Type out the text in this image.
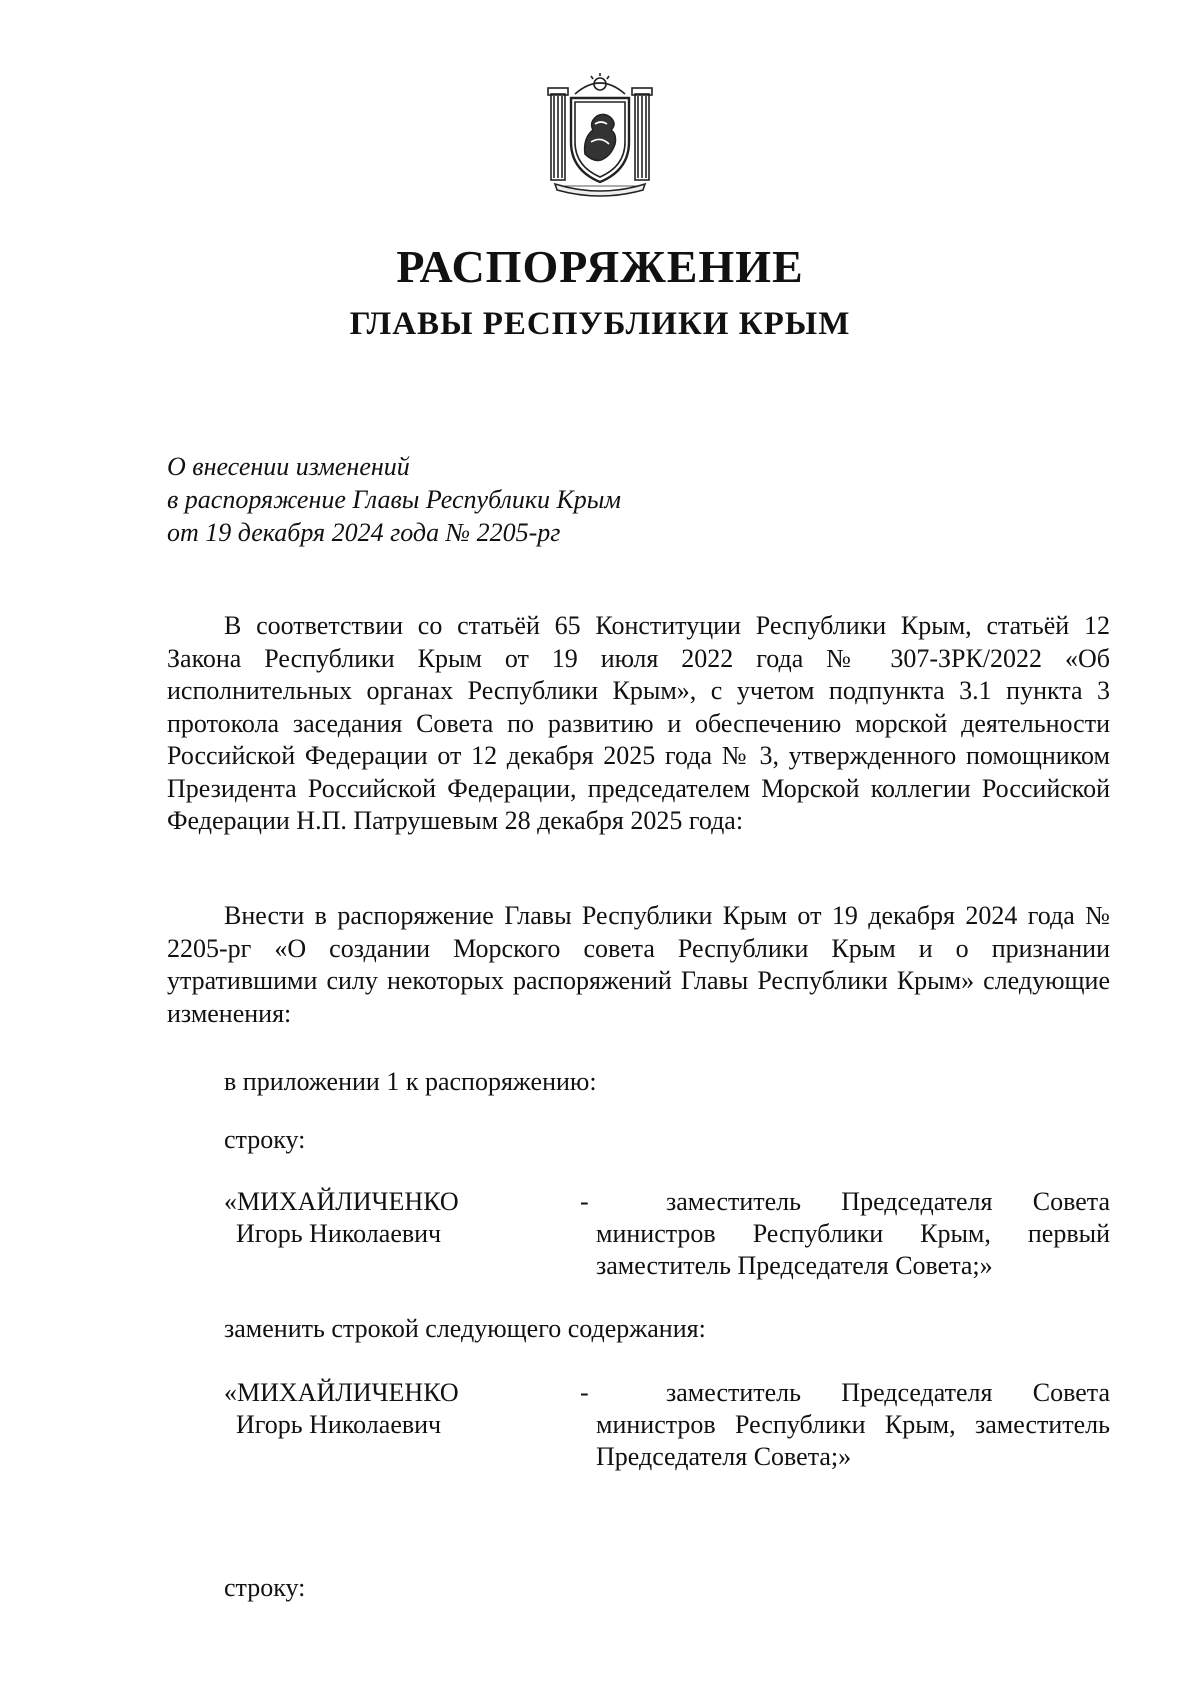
РАСПОРЯЖЕНИЕ
ГЛАВЫ РЕСПУБЛИКИ КРЫМ
О внесении изменений
в распоряжение Главы Республики Крым
от 19 декабря 2024 года № 2205-рг

В соответствии со статьёй 65 Конституции Республики Крым, статьёй 12 Закона Республики Крым от 19 июля 2022 года № 307-ЗРК/2022 «Об исполнительных органах Республики Крым», с учетом подпункта 3.1 пункта 3 протокола заседания Совета по развитию и обеспечению морской деятельности Российской Федерации от 12 декабря 2025 года № 3, утвержденного помощником Президента Российской Федерации, председателем Морской коллегии Российской Федерации Н.П. Патрушевым 28 декабря 2025 года:

Внести в распоряжение Главы Республики Крым от 19 декабря 2024 года № 2205-рг «О создании Морского совета Республики Крым и о признании утратившими силу некоторых распоряжений Главы Республики Крым» следующие изменения:

в приложении 1 к распоряжению:
строку:
«МИХАЙЛИЧЕНКО
Игорь Николаевич
-	заместитель Председателя Совета министров Республики Крым, первый заместитель Председателя Совета;»
заменить строкой следующего содержания:
«МИХАЙЛИЧЕНКО
Игорь Николаевич
-	заместитель Председателя Совета министров Республики Крым, заместитель Председателя Совета;»
строку:
